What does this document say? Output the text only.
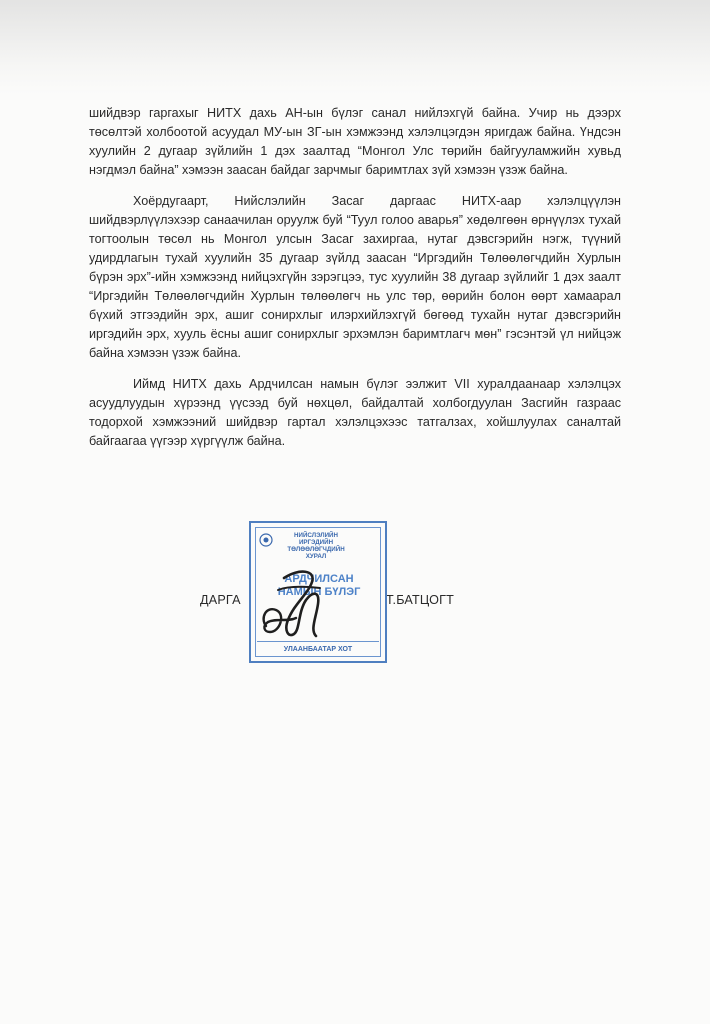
шийдвэр гаргахыг НИТХ дахь АН-ын бүлэг санал нийлэхгүй байна. Учир нь дээрх төсөлтэй холбоотой асуудал МУ-ын ЗГ-ын хэмжээнд хэлэлцэгдэн яригдаж байна. Үндсэн хуулийн 2 дугаар зүйлийн 1 дэх заалтад “Монгол Улс төрийн байгууламжийн хувьд нэгдмэл байна” хэмээн заасан байдаг зарчмыг баримтлах зүй хэмээн үзэж байна.

Хоёрдугаарт, Нийслэлийн Засаг даргаас НИТХ-аар хэлэлцүүлэн шийдвэрлүүлэхээр санаачилан оруулж буй “Туул голоо аварья” хөдөлгөөн өрнүүлэх тухай тогтоолын төсөл нь Монгол улсын Засаг захиргаа, нутаг дэвсгэрийн нэгж, түүний удирдлагын тухай хуулийн 35 дугаар зүйлд заасан “Иргэдийн Төлөөлөгчдийн Хурлын бүрэн эрх”-ийн хэмжээнд нийцэхгүйн зэрэгцээ, тус хуулийн 38 дугаар зүйлийг 1 дэх заалт “Иргэдийн Төлөөлөгчдийн Хурлын төлөөлөгч нь улс төр, өөрийн болон өөрт хамаарал бүхий этгээдийн эрх, ашиг сонирхлыг илэрхийлэхгүй бөгөөд тухайн нутаг дэвсгэрийн иргэдийн эрх, хууль ёсны ашиг сонирхлыг эрхэмлэн баримтлагч мөн” гэсэнтэй үл нийцэж байна хэмээн үзэж байна.

Иймд НИТХ дахь Ардчилсан намын бүлэг ээлжит VII хуралдаанаар хэлэлцэх асуудлуудын хүрээнд үүсээд буй нөхцөл, байдалтай холбогдуулан Засгийн газраас тодорхой хэмжээний шийдвэр гартал хэлэлцэхээс татгалзах, хойшлуулах саналтай байгаагаа үүгээр хүргүүлж байна.

ДАРГА	Т.БАТЦОГТ
НИЙСЛЭЛИЙН ИРГЭДИЙН
ТӨЛӨӨЛӨГЧДИЙН ХУРАЛ
АРДЧИЛСАН
НАМЫН БҮЛЭГ
УЛААНБААТАР ХОТ
